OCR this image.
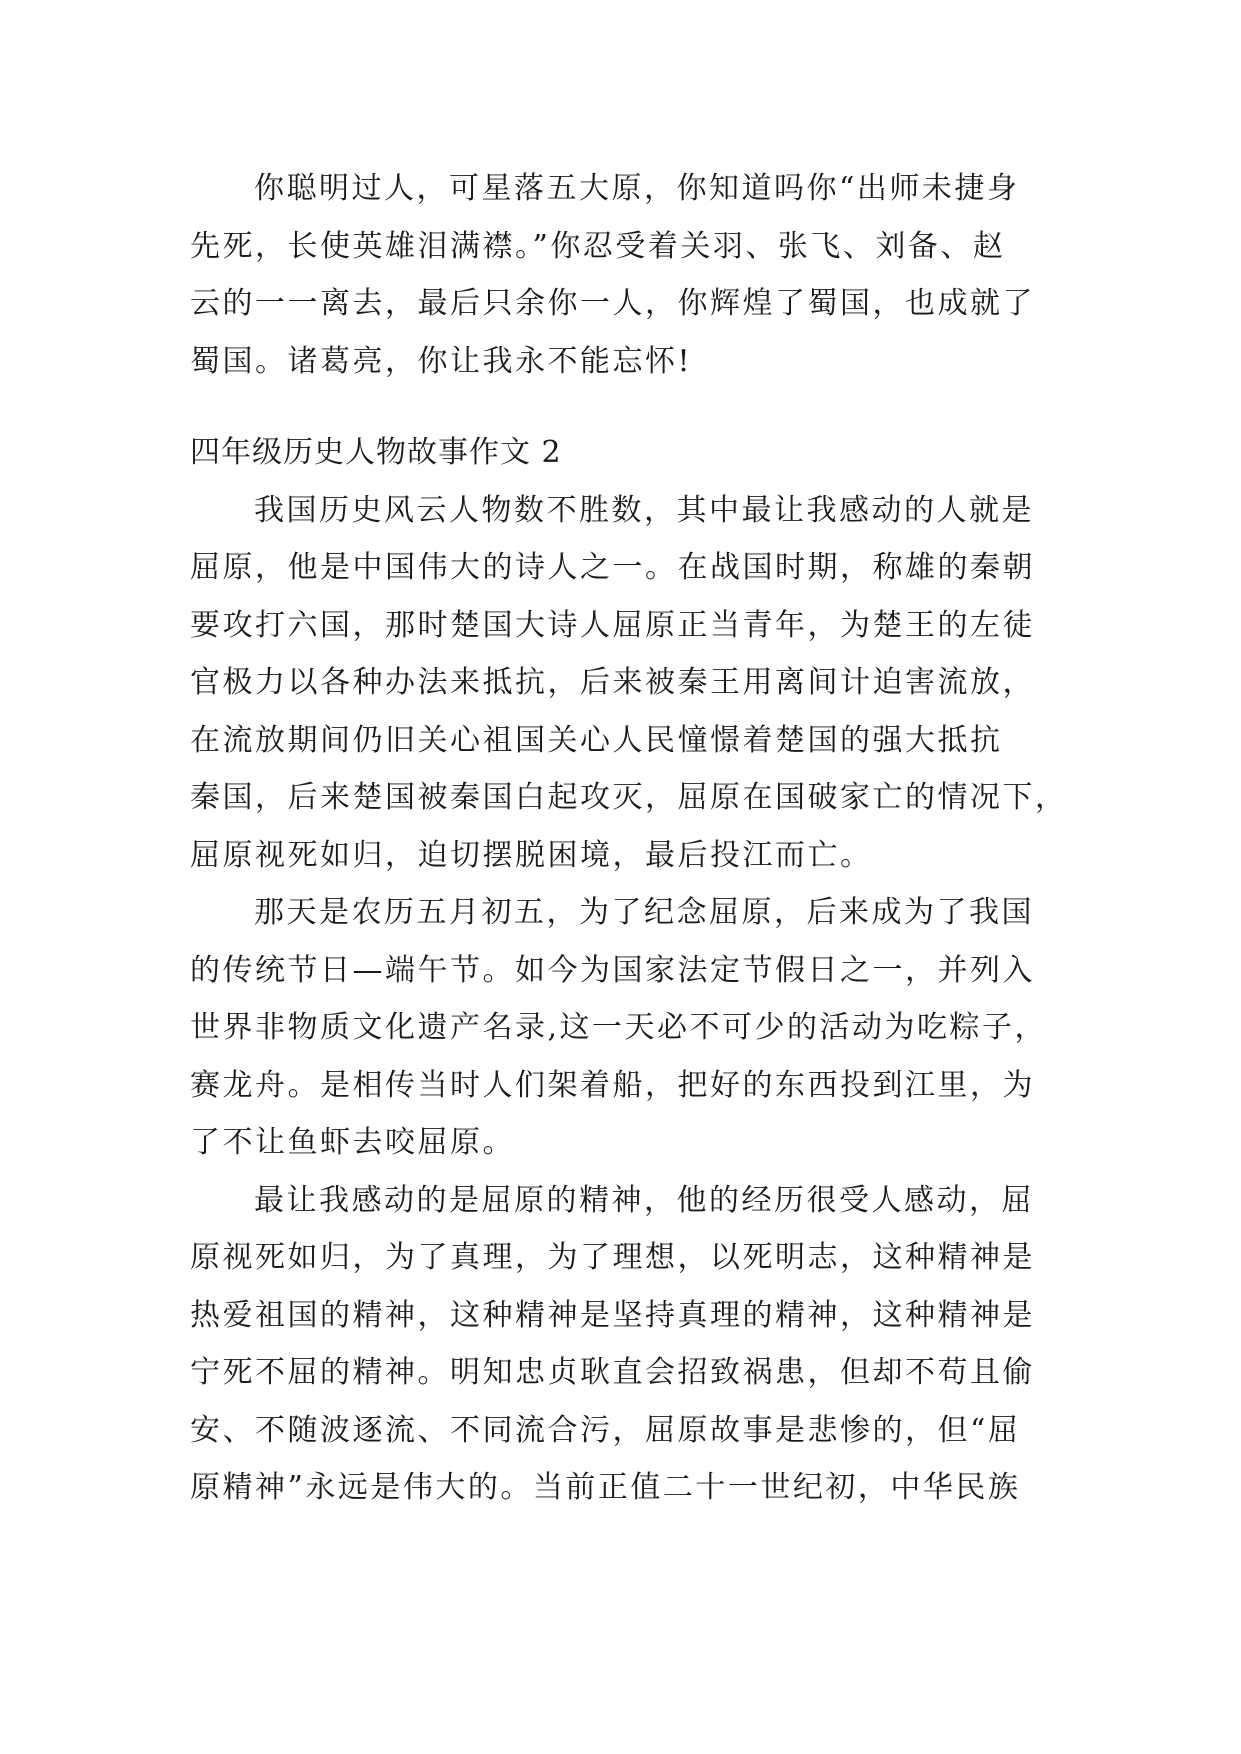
你聪明过人，可星落五大原，你知道吗你“出师未捷身
先死，长使英雄泪满襟。”你忍受着关羽、张飞、刘备、赵
云的一一离去，最后只余你一人，你辉煌了蜀国，也成就了
蜀国。诸葛亮，你让我永不能忘怀!
四年级历史人物故事作文 2
我国历史风云人物数不胜数，其中最让我感动的人就是
屈原，他是中国伟大的诗人之一。在战国时期，称雄的秦朝
要攻打六国，那时楚国大诗人屈原正当青年，为楚王的左徒
官极力以各种办法来抵抗，后来被秦王用离间计迫害流放，
在流放期间仍旧关心祖国关心人民憧憬着楚国的强大抵抗
秦国，后来楚国被秦国白起攻灭，屈原在国破家亡的情况下，
屈原视死如归，迫切摆脱困境，最后投江而亡。
那天是农历五月初五，为了纪念屈原，后来成为了我国
的传统节日—端午节。如今为国家法定节假日之一，并列入
世界非物质文化遗产名录,这一天必不可少的活动为吃粽子，
赛龙舟。是相传当时人们架着船，把好的东西投到江里，为
了不让鱼虾去咬屈原。
最让我感动的是屈原的精神，他的经历很受人感动，屈
原视死如归，为了真理，为了理想，以死明志，这种精神是
热爱祖国的精神，这种精神是坚持真理的精神，这种精神是
宁死不屈的精神。明知忠贞耿直会招致祸患，但却不苟且偷
安、不随波逐流、不同流合污，屈原故事是悲惨的，但“屈
原精神”永远是伟大的。当前正值二十一世纪初，中华民族
